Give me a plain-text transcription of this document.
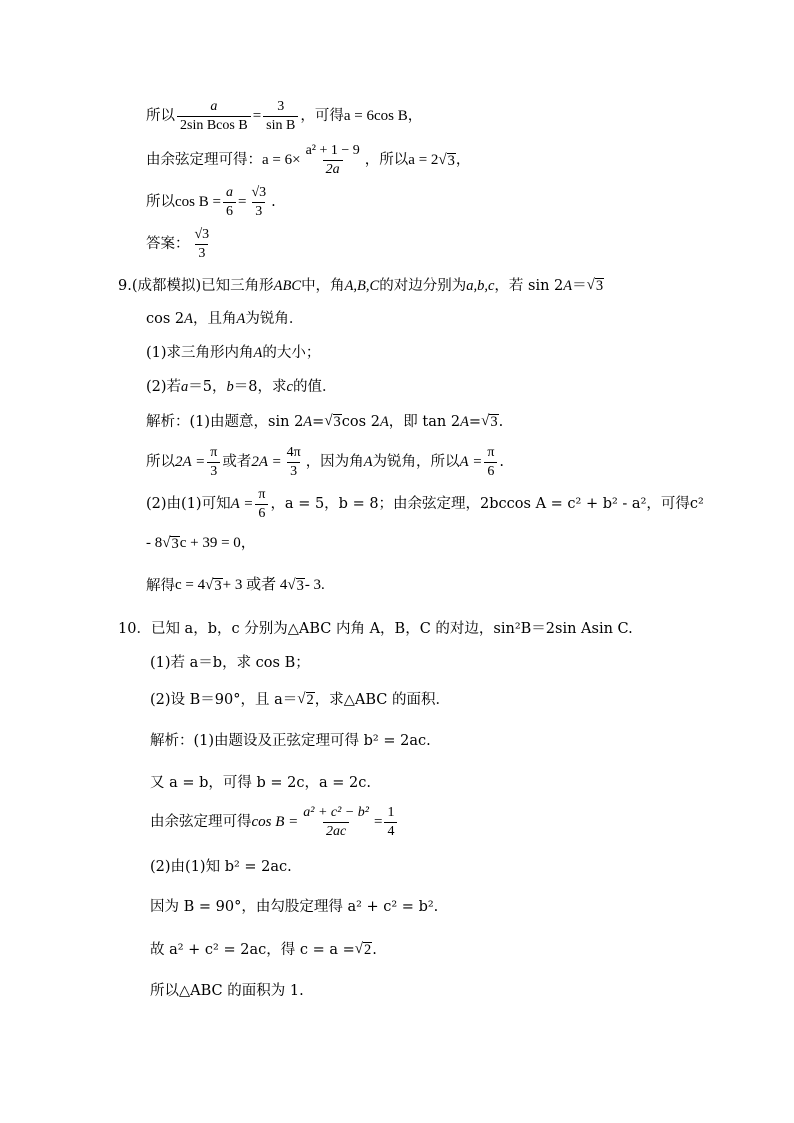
所以 $\frac{a}{\text{2sin Bcos B}} = \frac{3}{\text{sin B}}$ ，可得 a = 6cos B ，
由余弦定理可得： $a = 6\times \frac{\text{a² + 1 − 9}}{2a}$ ，所以 a = 2 √ 3 ，
所以 $\cos B = \frac{a}{6} = \frac{√3}{3}$ .
答案： $\frac{√3}{3}$
9. (成都模拟)已知三角形 ABC 中，角 A,B,C 的对边分别为 a,b,c ，若 sin 2 A ＝ √ 3
cos 2 A ，且角 A 为锐角．
(1)求三角形内角 A 的大小；
(2)若 a ＝5， b ＝8，求 c 的值．
解析：(1)由题意，sin 2 A = √ 3 cos 2 A ，即 tan 2 A = √ 3 .
所以 $2A = \frac{\pi}{3}$ 或者 $2A = \frac{4\pi}{3}$ ，因为角 A 为锐角，所以 $A = \frac{\pi}{6}$ .
(2)由(1)可知 $A = \frac{\pi}{6}$ ，a = 5，b = 8；由余弦定理，2bccos A = c² + b² - a²，可得c²
- 8 √ 3 c + 39 = 0，
解得 c = 4 √ 3 + 3 或者 4 √ 3 - 3.
10． 已知 a，b，c 分别为△ABC 内角 A，B，C 的对边，sin²B＝2sin Asin C.
(1)若 a＝b，求 cos B；
(2)设 B＝90°，且 a＝ √ 2 ，求△ABC 的面积．
解析：(1)由题设及正弦定理可得 b² = 2ac.
又 a = b，可得 b = 2c，a = 2c.
由余弦定理可得 $\cos B = \frac{\text{a² + c² − b²}}{2ac} = \frac{1}{4}$
(2)由(1)知 b² = 2ac.
因为 B = 90°，由勾股定理得 a² + c² = b².
故 a² + c² = 2ac，得 c = a = √ 2 .
所以△ABC 的面积为 1.
